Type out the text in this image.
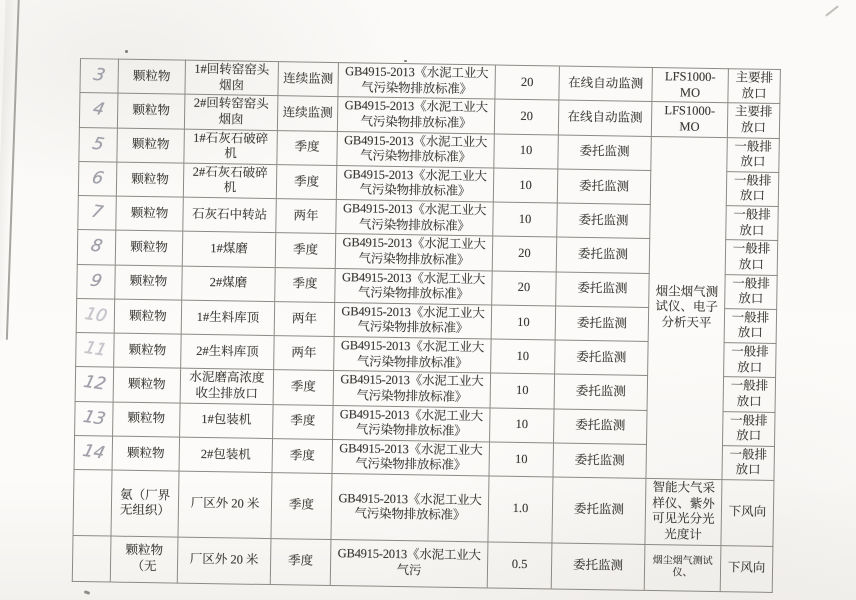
3	颗粒物	1#回转窑窑头烟囱	连续监测	GB4915-2013《水泥工业大气污染物排放标准》	20	在线自动监测	LFS1000-MO	主要排放口
4	颗粒物	2#回转窑窑头烟囱	连续监测	GB4915-2013《水泥工业大气污染物排放标准》	20	在线自动监测	LFS1000-MO	主要排放口
5	颗粒物	1#石灰石破碎机	季度	GB4915-2013《水泥工业大气污染物排放标准》	10	委托监测	烟尘烟气测试仪、电子分析天平	一般排放口
6	颗粒物	2#石灰石破碎机	季度	GB4915-2013《水泥工业大气污染物排放标准》	10	委托监测		一般排放口
7	颗粒物	石灰石中转站	两年	GB4915-2013《水泥工业大气污染物排放标准》	10	委托监测		一般排放口
8	颗粒物	1#煤磨	季度	GB4915-2013《水泥工业大气污染物排放标准》	20	委托监测		一般排放口
9	颗粒物	2#煤磨	季度	GB4915-2013《水泥工业大气污染物排放标准》	20	委托监测		一般排放口
10	颗粒物	1#生料库顶	两年	GB4915-2013《水泥工业大气污染物排放标准》	10	委托监测		一般排放口
11	颗粒物	2#生料库顶	两年	GB4915-2013《水泥工业大气污染物排放标准》	10	委托监测		一般排放口
12	颗粒物	水泥磨高浓度收尘排放口	季度	GB4915-2013《水泥工业大气污染物排放标准》	10	委托监测		一般排放口
13	颗粒物	1#包装机	季度	GB4915-2013《水泥工业大气污染物排放标准》	10	委托监测		一般排放口
14	颗粒物	2#包装机	季度	GB4915-2013《水泥工业大气污染物排放标准》	10	委托监测		一般排放口
	氨（厂界无组织）	厂区外 20 米	季度	GB4915-2013《水泥工业大气污染物排放标准》	1.0	委托监测	智能大气采样仪、紫外可见光分光光度计	下风向
	颗粒物（无	厂区外 20 米	季度	GB4915-2013《水泥工业大气污	0.5	委托监测	烟尘烟气测试仪、	下风向
